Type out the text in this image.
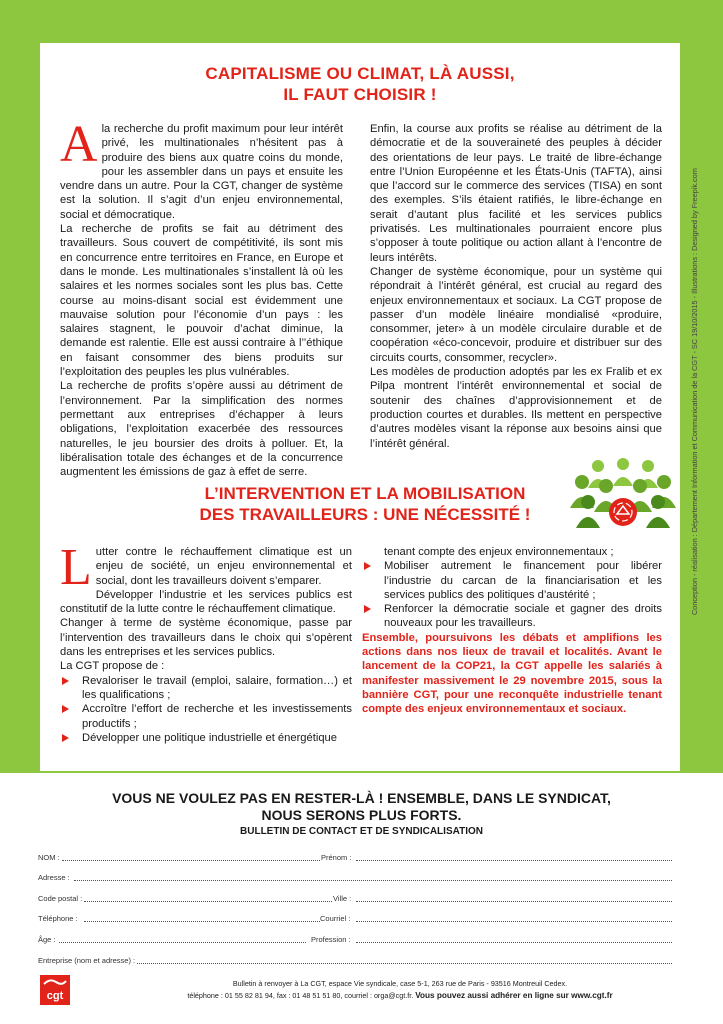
CAPITALISME OU CLIMAT, LÀ AUSSI,
IL FAUT CHOISIR !
A la recherche du profit maximum pour leur intérêt privé, les multinationales n’hésitent pas à produire des biens aux quatre coins du monde, pour les assembler dans un pays et ensuite les vendre dans un autre. Pour la CGT, changer de système est la solution. Il s’agit d’un enjeu environnemental, social et démocratique.

La recherche de profits se fait au détriment des travailleurs. Sous couvert de compétitivité, ils sont mis en concurrence entre territoires en France, en Europe et dans le monde. Les multinationales s’installent là où les salaires et les normes sociales sont les plus bas. Cette course au moins-disant social est évidemment une mauvaise solution pour l’économie d’un pays : les salaires stagnent, le pouvoir d’achat diminue, la demande est ralentie. Elle est aussi contraire à l’’éthique en faisant consommer des biens produits sur l’exploitation des peuples les plus vulnérables.

La recherche de profits s’opère aussi au détriment de l’environnement. Par la simplification des normes permettant aux entreprises d’échapper à leurs obligations, l’exploitation exacerbée des ressources naturelles, le jeu boursier des droits à polluer. Et, la libéralisation totale des échanges et de la concurrence augmentent les émissions de gaz à effet de serre.

Enfin, la course aux profits se réalise au détriment de la démocratie et de la souveraineté des peuples à décider des orientations de leur pays. Le traité de libre-échange entre l’Union Européenne et les États-Unis (TAFTA), ainsi que l’accord sur le commerce des services (TISA) en sont des exemples. S’ils étaient ratifiés, le libre-échange en serait d’autant plus facilité et les services publics privatisés. Les multinationales pourraient encore plus s’opposer à toute politique ou action allant à l’encontre de leurs intérêts.

Changer de système économique, pour un système qui répondrait à l’intérêt général, est crucial au regard des enjeux environnementaux et sociaux. La CGT propose de passer d’un modèle linéaire mondialisé «produire, consommer, jeter» à un modèle circulaire durable et de coopération «éco-concevoir, produire et distribuer sur des circuits courts, consommer, recycler».

Les modèles de production adoptés par les ex Fralib et ex Pilpa montrent l’intérêt environnemental et social de soutenir des chaînes d’approvisionnement et de production courtes et durables. Ils mettent en perspective d’autres modèles visant la réponse aux besoins ainsi que l’intérêt général.

L’INTERVENTION ET LA MOBILISATION
DES TRAVAILLEURS : UNE NÉCESSITÉ !
L utter contre le réchauffement climatique est un enjeu de société, un enjeu environnemental et social, dont les travailleurs doivent s’emparer.

Développer l’industrie et les services publics est constitutif de la lutte contre le réchauffement climatique.

Changer à terme de système économique, passe par l’intervention des travailleurs dans le choix qui s’opèrent dans les entreprises et les services publics.

La CGT propose de :

Revaloriser le travail (emploi, salaire, formation…) et les qualifications ;
Accroître l’effort de recherche et les investissements productifs ;
Développer une politique industrielle et énergétique
tenant compte des enjeux environnementaux ;
Mobiliser autrement le financement pour libérer l’industrie du carcan de la financiarisation et les services publics des politiques d’austérité ;
Renforcer la démocratie sociale et gagner des droits nouveaux pour les travailleurs.

Ensemble, poursuivons les débats et amplifions les actions dans nos lieux de travail et localités. Avant le lancement de la COP21, la CGT appelle les salariés à manifester massivement le 29 novembre 2015, sous la bannière CGT, pour une reconquête industrielle tenant compte des enjeux environnementaux et sociaux.

Conception - réalisation : Département Information et Communication de la CGT - SC 19/10/2015 - Illustrations : Designed by Freepik.com
VOUS NE VOULEZ PAS EN RESTER-LÀ ! ENSEMBLE, DANS LE SYNDICAT,
NOUS SERONS PLUS FORTS.
BULLETIN DE CONTACT ET DE SYNDICALISATION
NOM :	Prénom :
Adresse :
Code postal :	Ville :
Téléphone :	Courriel :
Âge :	Profession :
Entreprise (nom et adresse) :
cgt
Bulletin à renvoyer à La CGT, espace Vie syndicale, case 5-1, 263 rue de Paris - 93516 Montreuil Cedex.
téléphone : 01 55 82 81 94, fax : 01 48 51 51 80, courriel : orga@cgt.fr. Vous pouvez aussi adhérer en ligne sur www.cgt.fr
